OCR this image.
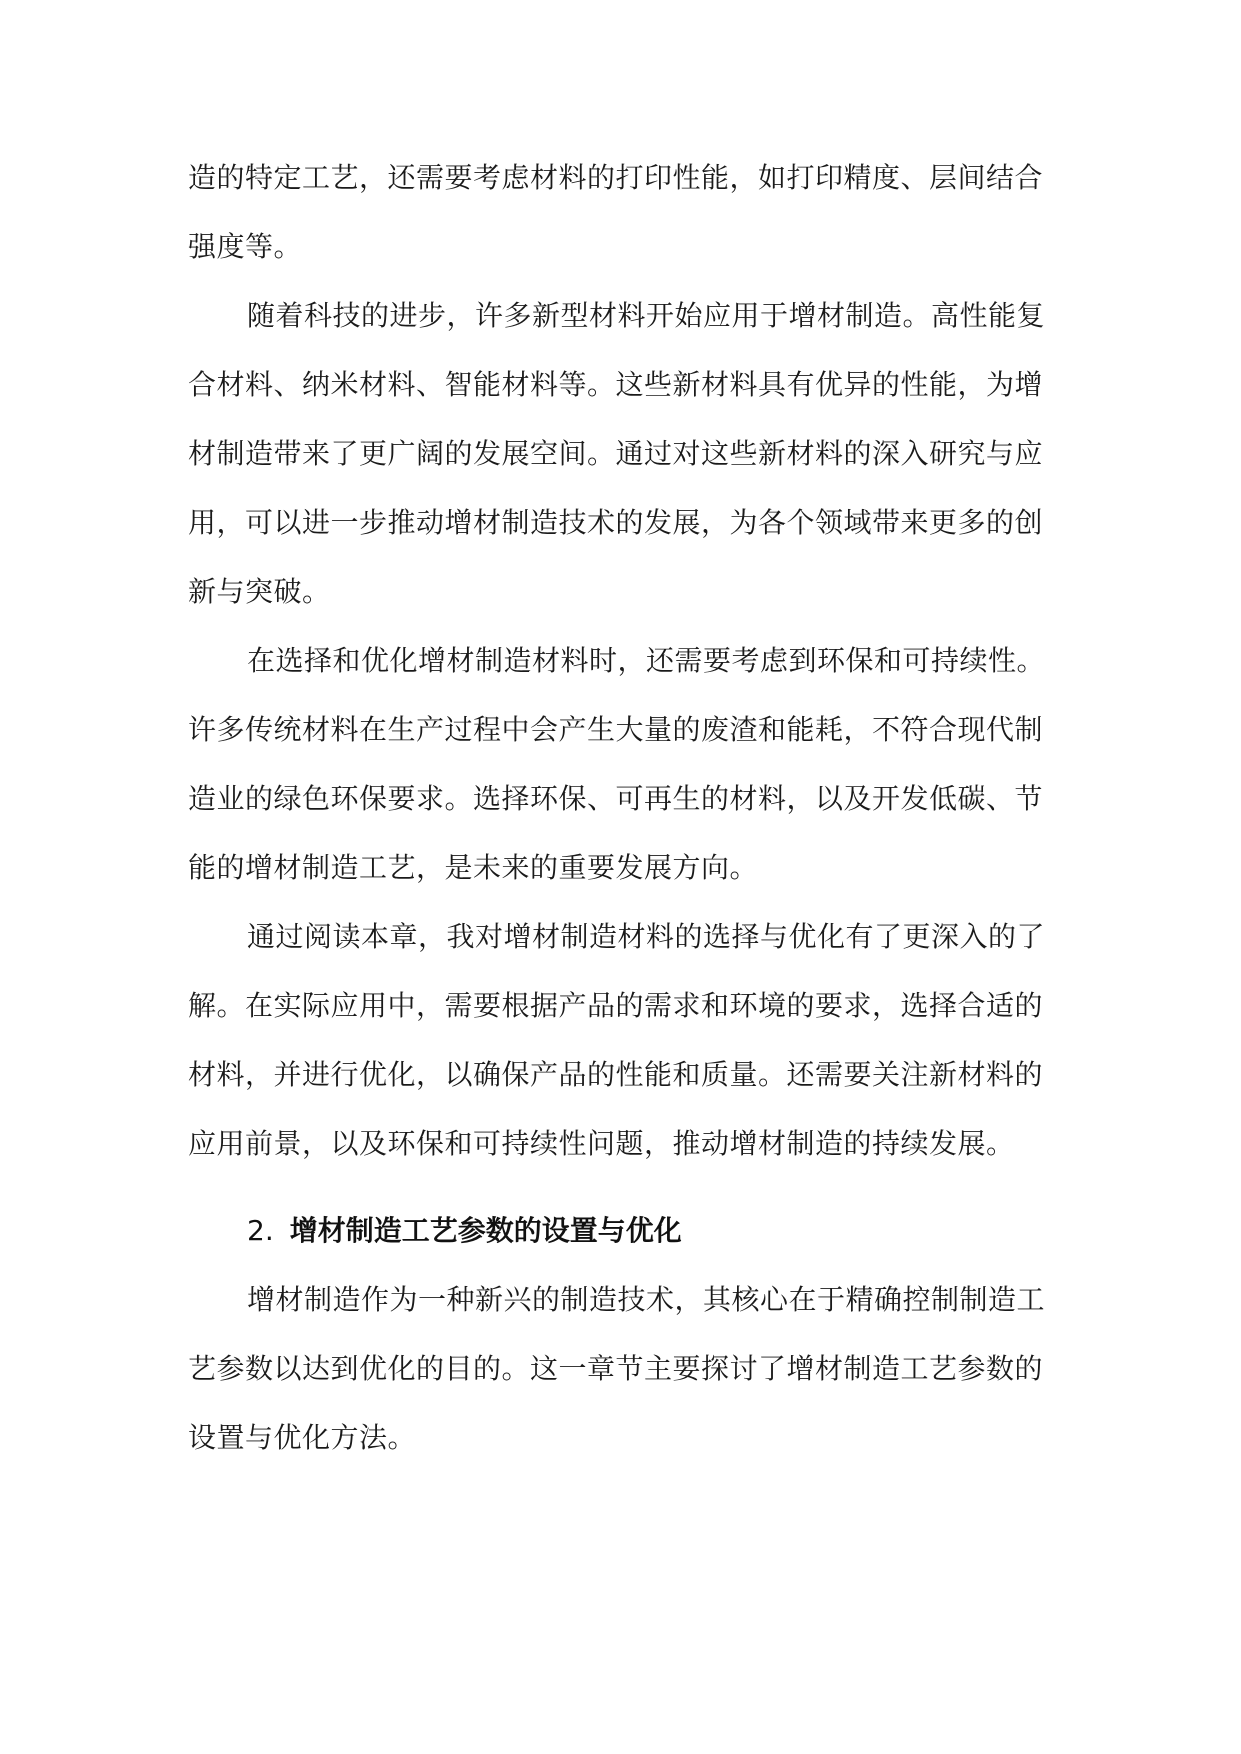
造的特定工艺，还需要考虑材料的打印性能，如打印精度、层间结合
强度等。
随着科技的进步，许多新型材料开始应用于增材制造。高性能复
合材料、纳米材料、智能材料等。这些新材料具有优异的性能，为增
材制造带来了更广阔的发展空间。通过对这些新材料的深入研究与应
用，可以进一步推动增材制造技术的发展，为各个领域带来更多的创
新与突破。
在选择和优化增材制造材料时，还需要考虑到环保和可持续性。
许多传统材料在生产过程中会产生大量的废渣和能耗，不符合现代制
造业的绿色环保要求。选择环保、可再生的材料，以及开发低碳、节
能的增材制造工艺，是未来的重要发展方向。
通过阅读本章，我对增材制造材料的选择与优化有了更深入的了
解。在实际应用中，需要根据产品的需求和环境的要求，选择合适的
材料，并进行优化，以确保产品的性能和质量。还需要关注新材料的
应用前景，以及环保和可持续性问题，推动增材制造的持续发展。
2. 增材制造工艺参数的设置与优化
增材制造作为一种新兴的制造技术，其核心在于精确控制制造工
艺参数以达到优化的目的。这一章节主要探讨了增材制造工艺参数的
设置与优化方法。
